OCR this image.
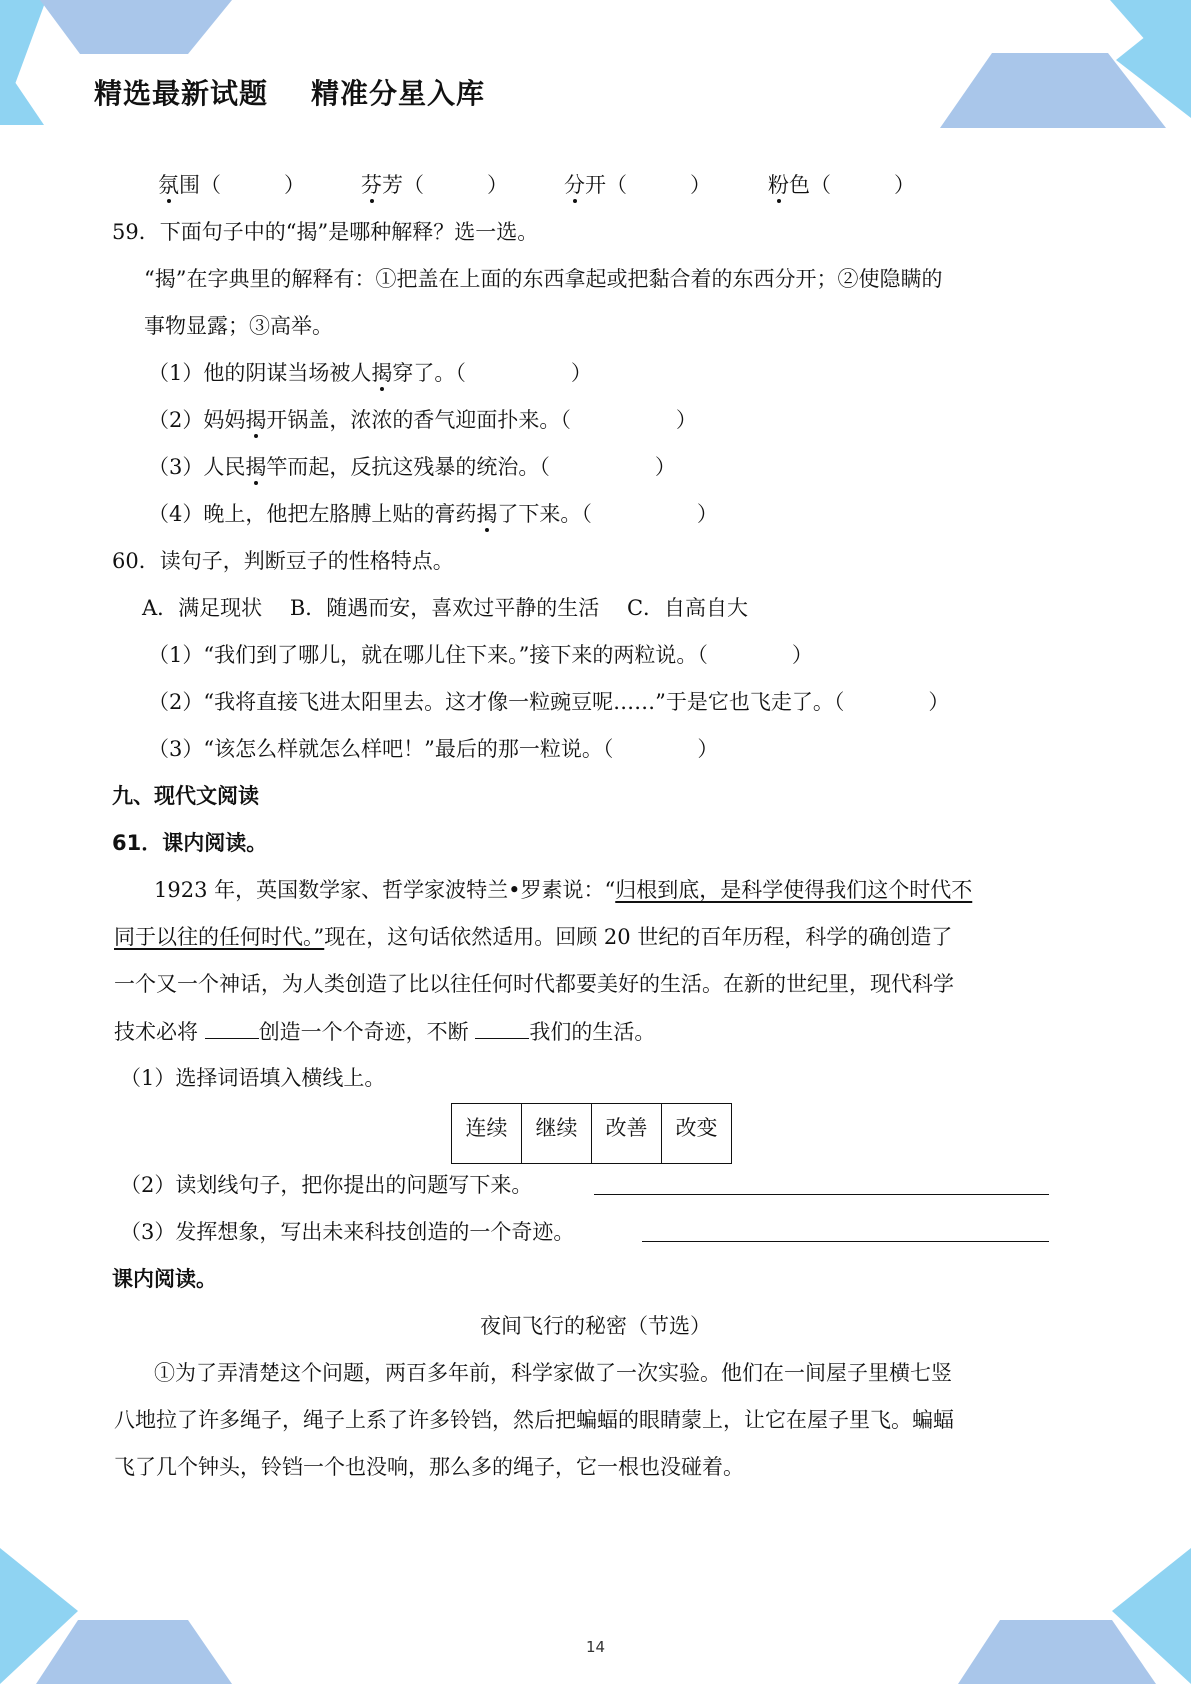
精选最新试题    精准分星入库
氛围（　　　）	芬芳（　　　）	分开（　　　）	粉色（　　　）
59．下面句子中的“揭”是哪种解释？选一选。
“揭”在字典里的解释有：①把盖在上面的东西拿起或把黏合着的东西分开；②使隐瞒的
事物显露；③高举。
（1）他的阴谋当场被人揭穿了。（　　　　　）
（2）妈妈揭开锅盖，浓浓的香气迎面扑来。（　　　　　）
（3）人民揭竿而起，反抗这残暴的统治。（　　　　　）
（4）晚上，他把左胳膊上贴的膏药揭了下来。（　　　　　）
60．读句子，判断豆子的性格特点。
A．满足现状　 B．随遇而安，喜欢过平静的生活　 C．自高自大
（1）“我们到了哪儿，就在哪儿住下来。”接下来的两粒说。（　　　　）
（2）“我将直接飞进太阳里去。这才像一粒豌豆呢……”于是它也飞走了。（　　　　）
（3）“该怎么样就怎么样吧！”最后的那一粒说。（　　　　）
九、现代文阅读
61．课内阅读。
1923 年，英国数学家、哲学家波特兰•罗素说：“归根到底，是科学使得我们这个时代不
同于以往的任何时代。”现在，这句话依然适用。回顾 20 世纪的百年历程，科学的确创造了
一个又一个神话，为人类创造了比以往任何时代都要美好的生活。在新的世纪里，现代科学
技术必将	创造一个个奇迹，不断	我们的生活。
（1）选择词语填入横线上。
连续	继续	改善	改变
（2）读划线句子，把你提出的问题写下来。
（3）发挥想象，写出未来科技创造的一个奇迹。
课内阅读。
夜间飞行的秘密（节选）
①为了弄清楚这个问题，两百多年前，科学家做了一次实验。他们在一间屋子里横七竖
八地拉了许多绳子，绳子上系了许多铃铛，然后把蝙蝠的眼睛蒙上，让它在屋子里飞。蝙蝠
飞了几个钟头，铃铛一个也没响，那么多的绳子，它一根也没碰着。
14
